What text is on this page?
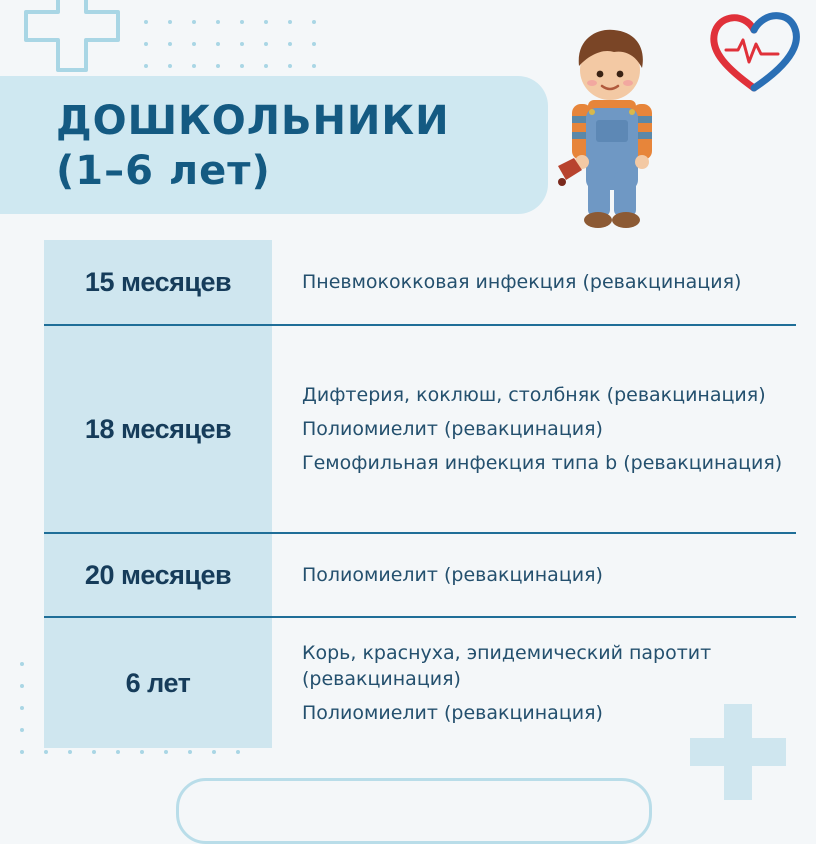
ДОШКОЛЬНИКИ
(1–6 лет)
15 месяцев	Пневмококковая инфекция (ревакцинация)
18 месяцев
Дифтерия, коклюш, столбняк (ревакцинация)
Полиомиелит (ревакцинация)
Гемофильная инфекция типа b (ревакцинация)
20 месяцев	Полиомиелит (ревакцинация)
6 лет
Корь, краснуха, эпидемический паротит (ревакцинация)
Полиомиелит (ревакцинация)
